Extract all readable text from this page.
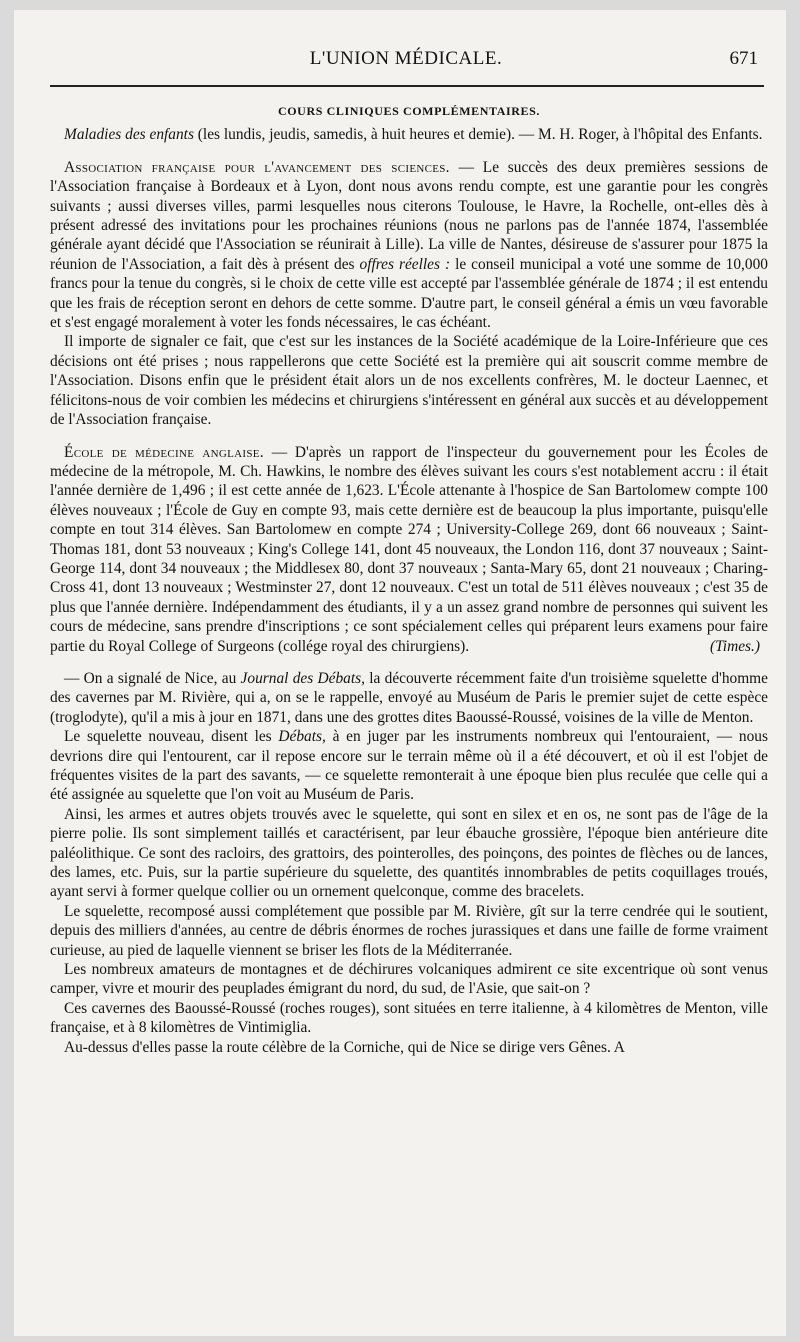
L'UNION MÉDICALE.	671

COURS CLINIQUES COMPLÉMENTAIRES.

Maladies des enfants (les lundis, jeudis, samedis, à huit heures et demie). — M. H. Roger, à l'hôpital des Enfants.

Association française pour l'avancement des sciences. — Le succès des deux premières sessions de l'Association française à Bordeaux et à Lyon, dont nous avons rendu compte, est une garantie pour les congrès suivants ; aussi diverses villes, parmi lesquelles nous citerons Toulouse, le Havre, la Rochelle, ont-elles dès à présent adressé des invitations pour les prochaines réunions (nous ne parlons pas de l'année 1874, l'assemblée générale ayant décidé que l'Association se réunirait à Lille). La ville de Nantes, désireuse de s'assurer pour 1875 la réunion de l'Association, a fait dès à présent des offres réelles : le conseil municipal a voté une somme de 10,000 francs pour la tenue du congrès, si le choix de cette ville est accepté par l'assemblée générale de 1874 ; il est entendu que les frais de réception seront en dehors de cette somme. D'autre part, le conseil général a émis un vœu favorable et s'est engagé moralement à voter les fonds nécessaires, le cas échéant.

Il importe de signaler ce fait, que c'est sur les instances de la Société académique de la Loire-Inférieure que ces décisions ont été prises ; nous rappellerons que cette Société est la première qui ait souscrit comme membre de l'Association. Disons enfin que le président était alors un de nos excellents confrères, M. le docteur Laennec, et félicitons-nous de voir combien les médecins et chirurgiens s'intéressent en général aux succès et au développement de l'Association française.

École de médecine anglaise. — D'après un rapport de l'inspecteur du gouvernement pour les Écoles de médecine de la métropole, M. Ch. Hawkins, le nombre des élèves suivant les cours s'est notablement accru : il était l'année dernière de 1,496 ; il est cette année de 1,623. L'École attenante à l'hospice de San Bartolomew compte 100 élèves nouveaux ; l'École de Guy en compte 93, mais cette dernière est de beaucoup la plus importante, puisqu'elle compte en tout 314 élèves. San Bartolomew en compte 274 ; University-College 269, dont 66 nouveaux ; Saint-Thomas 181, dont 53 nouveaux ; King's College 141, dont 45 nouveaux, the London 116, dont 37 nouveaux ; Saint-George 114, dont 34 nouveaux ; the Middlesex 80, dont 37 nouveaux ; Santa-Mary 65, dont 21 nouveaux ; Charing-Cross 41, dont 13 nouveaux ; Westminster 27, dont 12 nouveaux. C'est un total de 511 élèves nouveaux ; c'est 35 de plus que l'année dernière. Indépendamment des étudiants, il y a un assez grand nombre de personnes qui suivent les cours de médecine, sans prendre d'inscriptions ; ce sont spécialement celles qui préparent leurs examens pour faire partie du Royal College of Surgeons (collége royal des chirurgiens).	(Times.)

— On a signalé de Nice, au Journal des Débats, la découverte récemment faite d'un troisième squelette d'homme des cavernes par M. Rivière, qui a, on se le rappelle, envoyé au Muséum de Paris le premier sujet de cette espèce (troglodyte), qu'il a mis à jour en 1871, dans une des grottes dites Baoussé-Roussé, voisines de la ville de Menton.

Le squelette nouveau, disent les Débats, à en juger par les instruments nombreux qui l'entouraient, — nous devrions dire qui l'entourent, car il repose encore sur le terrain même où il a été découvert, et où il est l'objet de fréquentes visites de la part des savants, — ce squelette remonterait à une époque bien plus reculée que celle qui a été assignée au squelette que l'on voit au Muséum de Paris.

Ainsi, les armes et autres objets trouvés avec le squelette, qui sont en silex et en os, ne sont pas de l'âge de la pierre polie. Ils sont simplement taillés et caractérisent, par leur ébauche grossière, l'époque bien antérieure dite paléolithique. Ce sont des racloirs, des grattoirs, des pointerolles, des poinçons, des pointes de flèches ou de lances, des lames, etc. Puis, sur la partie supérieure du squelette, des quantités innombrables de petits coquillages troués, ayant servi à former quelque collier ou un ornement quelconque, comme des bracelets.

Le squelette, recomposé aussi complétement que possible par M. Rivière, gît sur la terre cendrée qui le soutient, depuis des milliers d'années, au centre de débris énormes de roches jurassiques et dans une faille de forme vraiment curieuse, au pied de laquelle viennent se briser les flots de la Méditerranée.

Les nombreux amateurs de montagnes et de déchirures volcaniques admirent ce site excentrique où sont venus camper, vivre et mourir des peuplades émigrant du nord, du sud, de l'Asie, que sait-on ?

Ces cavernes des Baoussé-Roussé (roches rouges), sont situées en terre italienne, à 4 kilomètres de Menton, ville française, et à 8 kilomètres de Vintimiglia.

Au-dessus d'elles passe la route célèbre de la Corniche, qui de Nice se dirige vers Gênes. A
